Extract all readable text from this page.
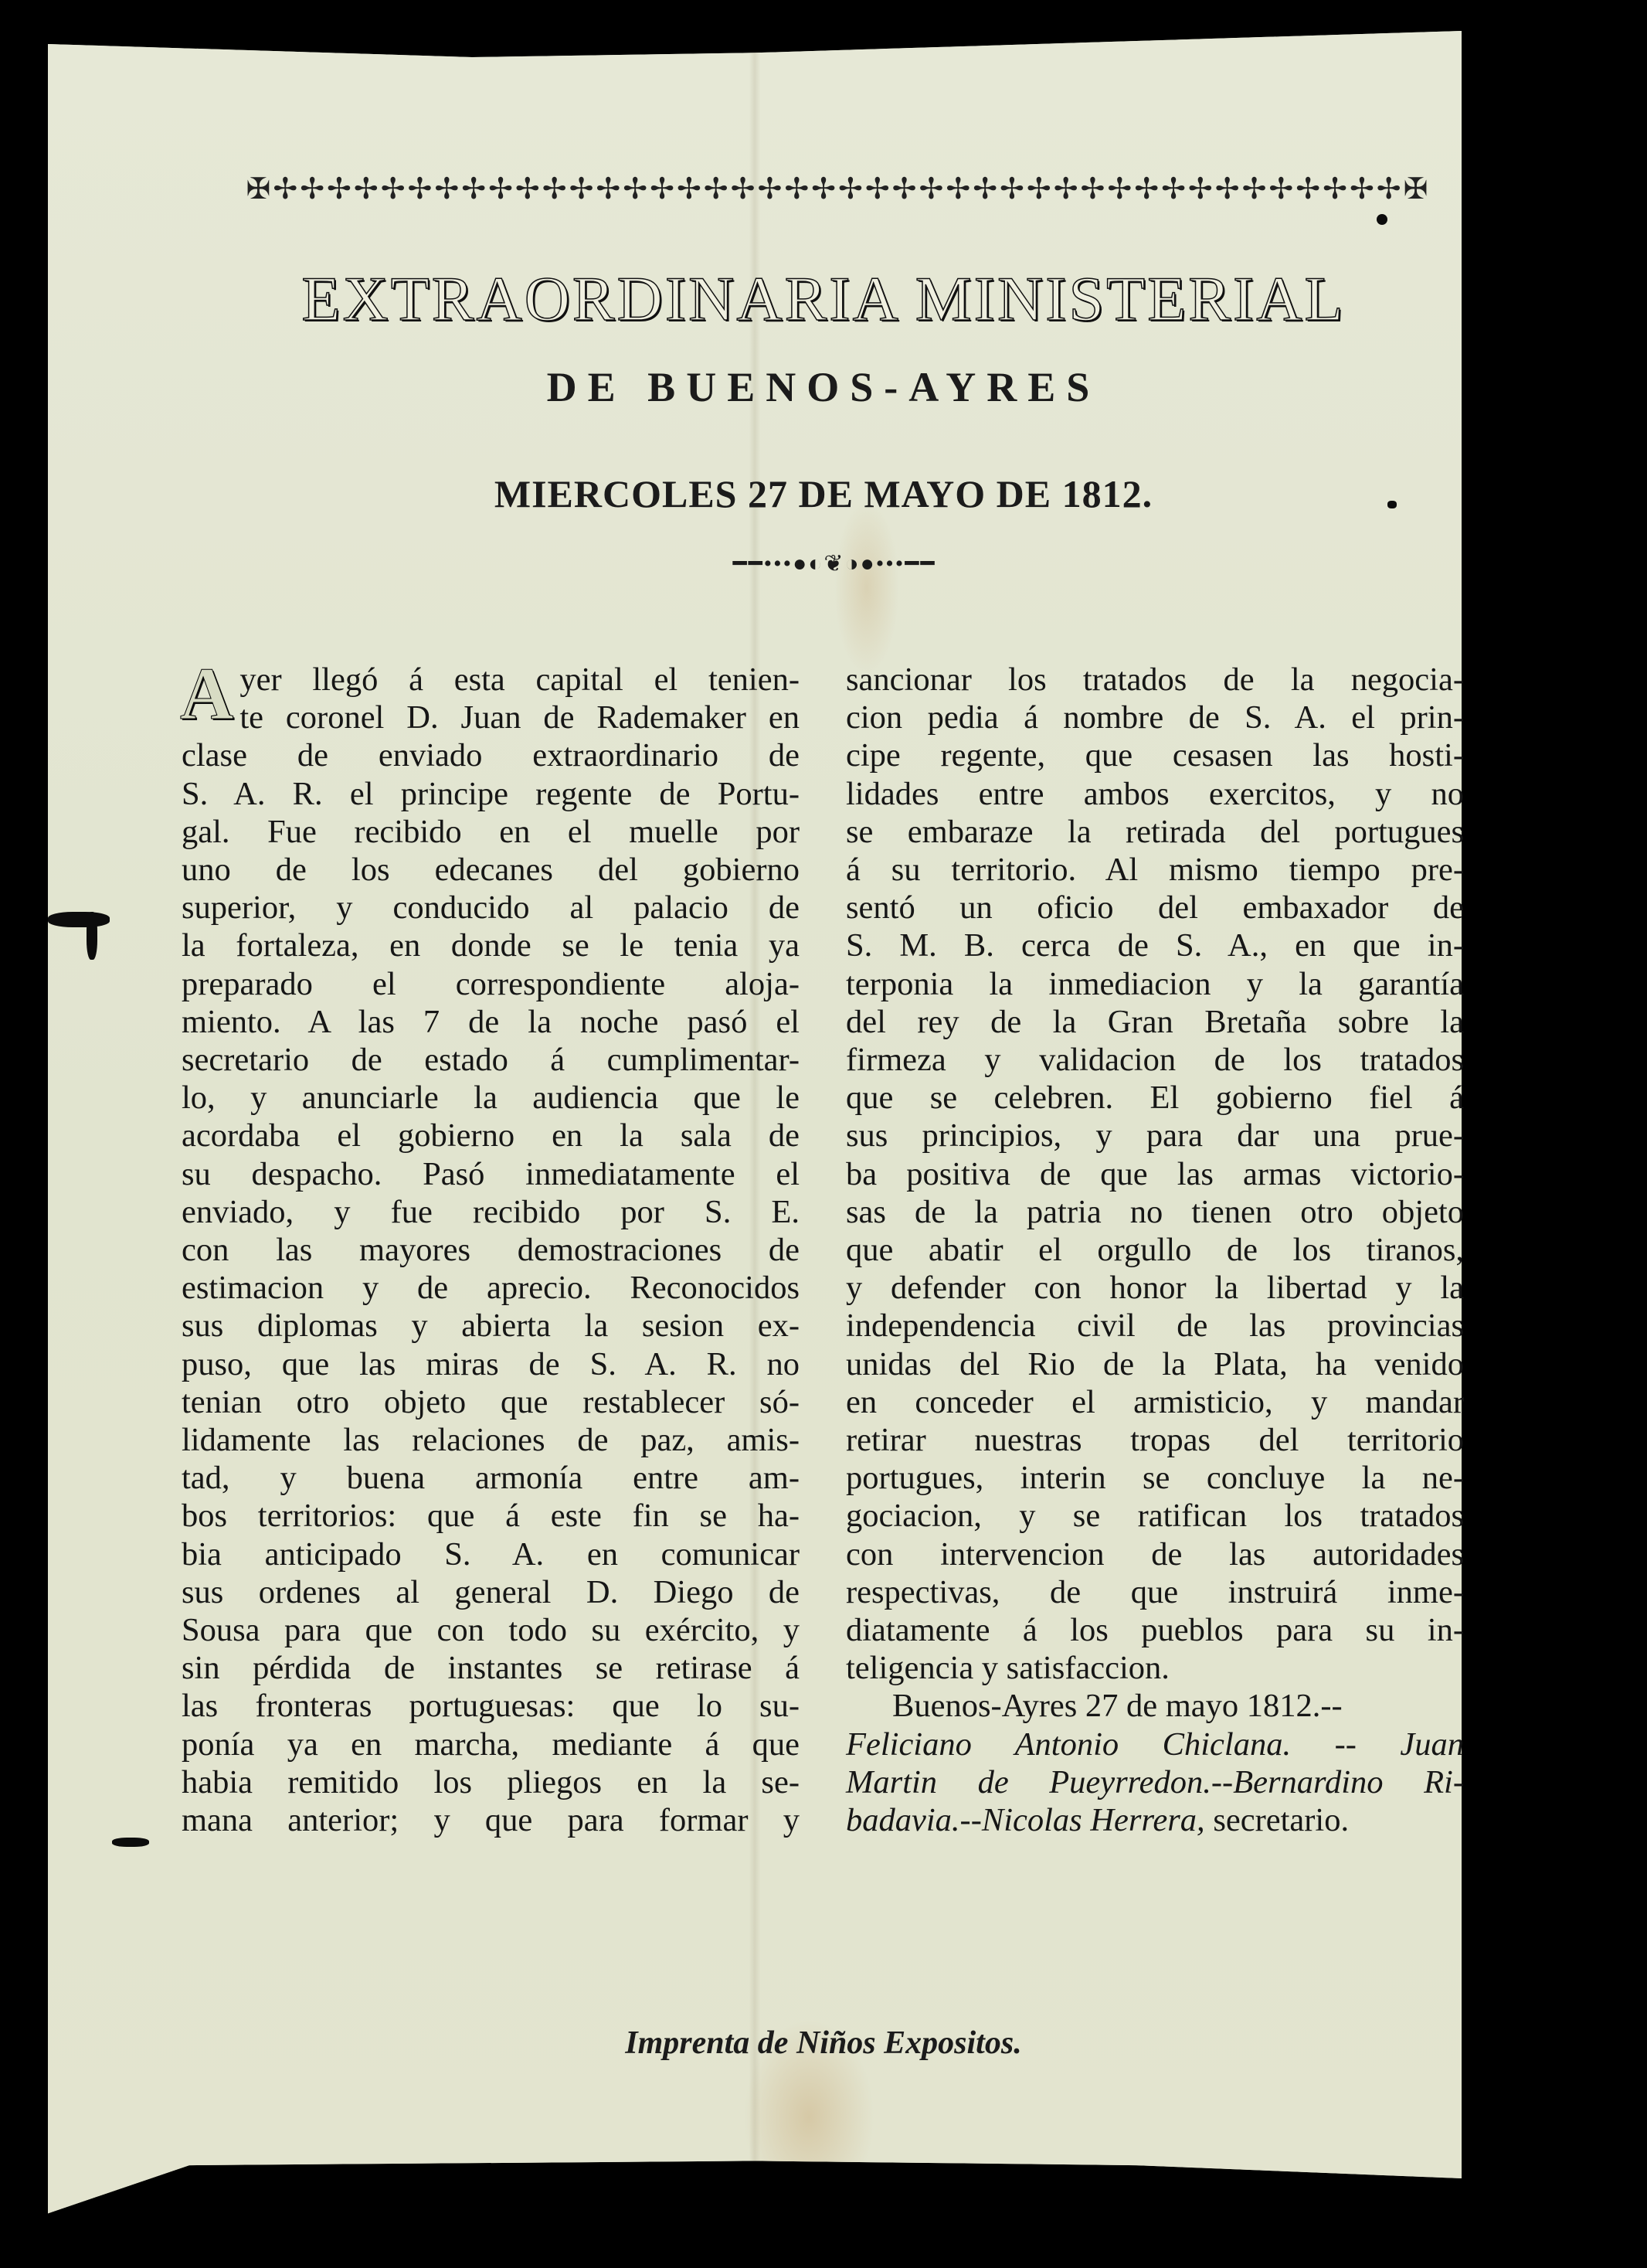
✠✢✢✢✢✢✢✢✢✢✢✢✢✢✢✢✢✢✢✢✢✢✢✢✢✢✢✢✢✢✢✢✢✢✢✢✢✢✢✢✢✢✢✠
EXTRAORDINARIA MINISTERIAL
DE BUENOS-AYRES
MIERCOLES 27 DE MAYO DE 1812.
━━•••●◐❦◑●•••━━
A yer llegó á esta capital el tenien-
te coronel D. Juan de Rademaker en
clase de enviado extraordinario de
S. A. R. el principe regente de Portu-
gal. Fue recibido en el muelle por
uno de los edecanes del gobierno
superior, y conducido al palacio de
la fortaleza, en donde se le tenia ya
preparado el correspondiente aloja-
miento. A las 7 de la noche pasó el
secretario de estado á cumplimentar-
lo, y anunciarle la audiencia que le
acordaba el gobierno en la sala de
su despacho. Pasó inmediatamente el
enviado, y fue recibido por S. E.
con las mayores demostraciones de
estimacion y de aprecio. Reconocidos
sus diplomas y abierta la sesion ex-
puso, que las miras de S. A. R. no
tenian otro objeto que restablecer só-
lidamente las relaciones de paz, amis-
tad, y buena armonía entre am-
bos territorios: que á este fin se ha-
bia anticipado S. A. en comunicar
sus ordenes al general D. Diego de
Sousa para que con todo su exército, y
sin pérdida de instantes se retirase á
las fronteras portuguesas: que lo su-
ponía ya en marcha, mediante á que
habia remitido los pliegos en la se-
mana anterior; y que para formar y
sancionar los tratados de la negocia-
cion pedia á nombre de S. A. el prin-
cipe regente, que cesasen las hosti-
lidades entre ambos exercitos, y no
se embaraze la retirada del portugues
á su territorio. Al mismo tiempo pre-
sentó un oficio del embaxador de
S. M. B. cerca de S. A., en que in-
terponia la inmediacion y la garantía
del rey de la Gran Bretaña sobre la
firmeza y validacion de los tratados
que se celebren. El gobierno fiel á
sus principios, y para dar una prue-
ba positiva de que las armas victorio-
sas de la patria no tienen otro objeto
que abatir el orgullo de los tiranos,
y defender con honor la libertad y la
independencia civil de las provincias
unidas del Rio de la Plata, ha venido
en conceder el armisticio, y mandar
retirar nuestras tropas del territorio
portugues, interin se concluye la ne-
gociacion, y se ratifican los tratados
con intervencion de las autoridades
respectivas, de que instruirá inme-
diatamente á los pueblos para su in-
teligencia y satisfaccion.
Buenos-Ayres 27 de mayo 1812.--
Feliciano Antonio Chiclana. -- Juan
Martin de Pueyrredon.--Bernardino Ri-
badavia.--Nicolas Herrera, secretario.
Imprenta de Niños Expositos.
